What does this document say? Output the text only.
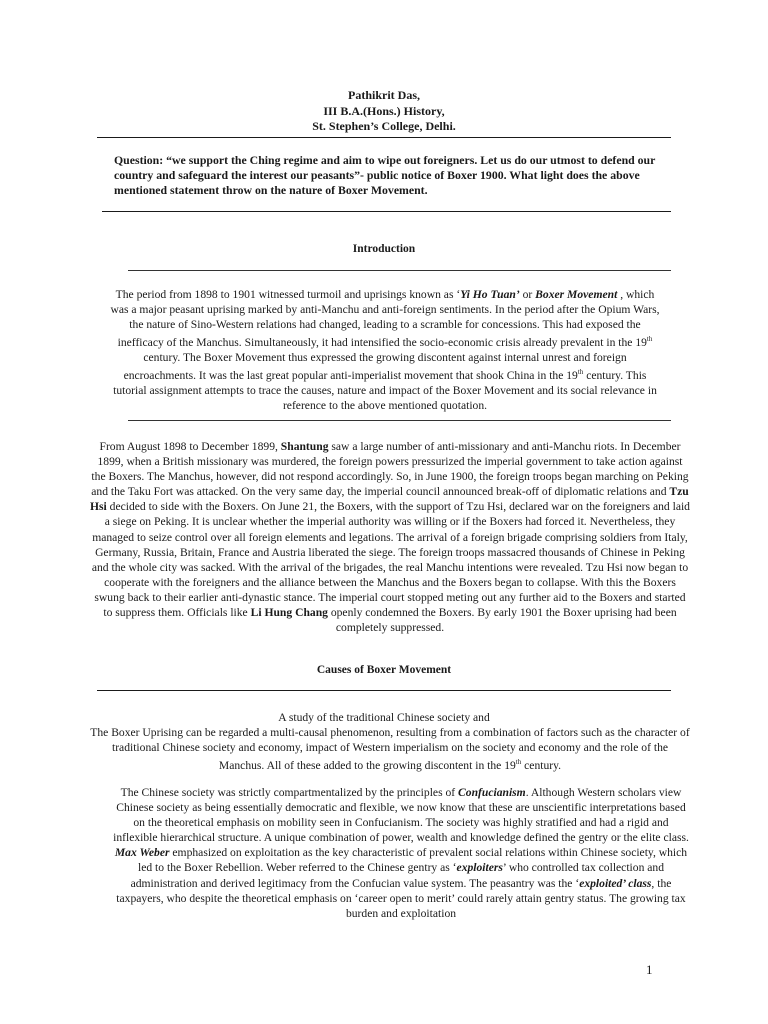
Pathikrit Das,
III B.A.(Hons.) History,
St. Stephen’s College, Delhi.
Question: “we support the Ching regime and aim to wipe out foreigners. Let us do our utmost to defend our country and safeguard the interest our peasants”- public notice of Boxer 1900. What light does the above mentioned statement throw on the nature of Boxer Movement.
Introduction
The period from 1898 to 1901 witnessed turmoil and uprisings known as ‘Yi Ho Tuan’ or Boxer Movement , which was a major peasant uprising marked by anti-Manchu and anti-foreign sentiments. In the period after the Opium Wars, the nature of Sino-Western relations had changed, leading to a scramble for concessions. This had exposed the inefficacy of the Manchus. Simultaneously, it had intensified the socio-economic crisis already prevalent in the 19th century. The Boxer Movement thus expressed the growing discontent against internal unrest and foreign encroachments. It was the last great popular anti-imperialist movement that shook China in the 19th century. This tutorial assignment attempts to trace the causes, nature and impact of the Boxer Movement and its social relevance in reference to the above mentioned quotation.
From August 1898 to December 1899, Shantung saw a large number of anti-missionary and anti-Manchu riots. In December 1899, when a British missionary was murdered, the foreign powers pressurized the imperial government to take action against the Boxers. The Manchus, however, did not respond accordingly. So, in June 1900, the foreign troops began marching on Peking and the Taku Fort was attacked. On the very same day, the imperial council announced break-off of diplomatic relations and Tzu Hsi decided to side with the Boxers. On June 21, the Boxers, with the support of Tzu Hsi, declared war on the foreigners and laid a siege on Peking. It is unclear whether the imperial authority was willing or if the Boxers had forced it. Nevertheless, they managed to seize control over all foreign elements and legations. The arrival of a foreign brigade comprising soldiers from Italy, Germany, Russia, Britain, France and Austria liberated the siege. The foreign troops massacred thousands of Chinese in Peking and the whole city was sacked. With the arrival of the brigades, the real Manchu intentions were revealed. Tzu Hsi now began to cooperate with the foreigners and the alliance between the Manchus and the Boxers began to collapse. With this the Boxers swung back to their earlier anti-dynastic stance. The imperial court stopped meting out any further aid to the Boxers and started to suppress them. Officials like Li Hung Chang openly condemned the Boxers. By early 1901 the Boxer uprising had been completely suppressed.
Causes of Boxer Movement
A study of the traditional Chinese society and
The Boxer Uprising can be regarded a multi-causal phenomenon, resulting from a combination of factors such as the character of traditional Chinese society and economy, impact of Western imperialism on the society and economy and the role of the Manchus. All of these added to the growing discontent in the 19th century.
The Chinese society was strictly compartmentalized by the principles of Confucianism. Although Western scholars view Chinese society as being essentially democratic and flexible, we now know that these are unscientific interpretations based on the theoretical emphasis on mobility seen in Confucianism. The society was highly stratified and had a rigid and inflexible hierarchical structure. A unique combination of power, wealth and knowledge defined the gentry or the elite class. Max Weber emphasized on exploitation as the key characteristic of prevalent social relations within Chinese society, which led to the Boxer Rebellion. Weber referred to the Chinese gentry as ‘exploiters’ who controlled tax collection and administration and derived legitimacy from the Confucian value system. The peasantry was the ‘exploited’ class, the taxpayers, who despite the theoretical emphasis on ‘career open to merit’ could rarely attain gentry status. The growing tax burden and exploitation
1
